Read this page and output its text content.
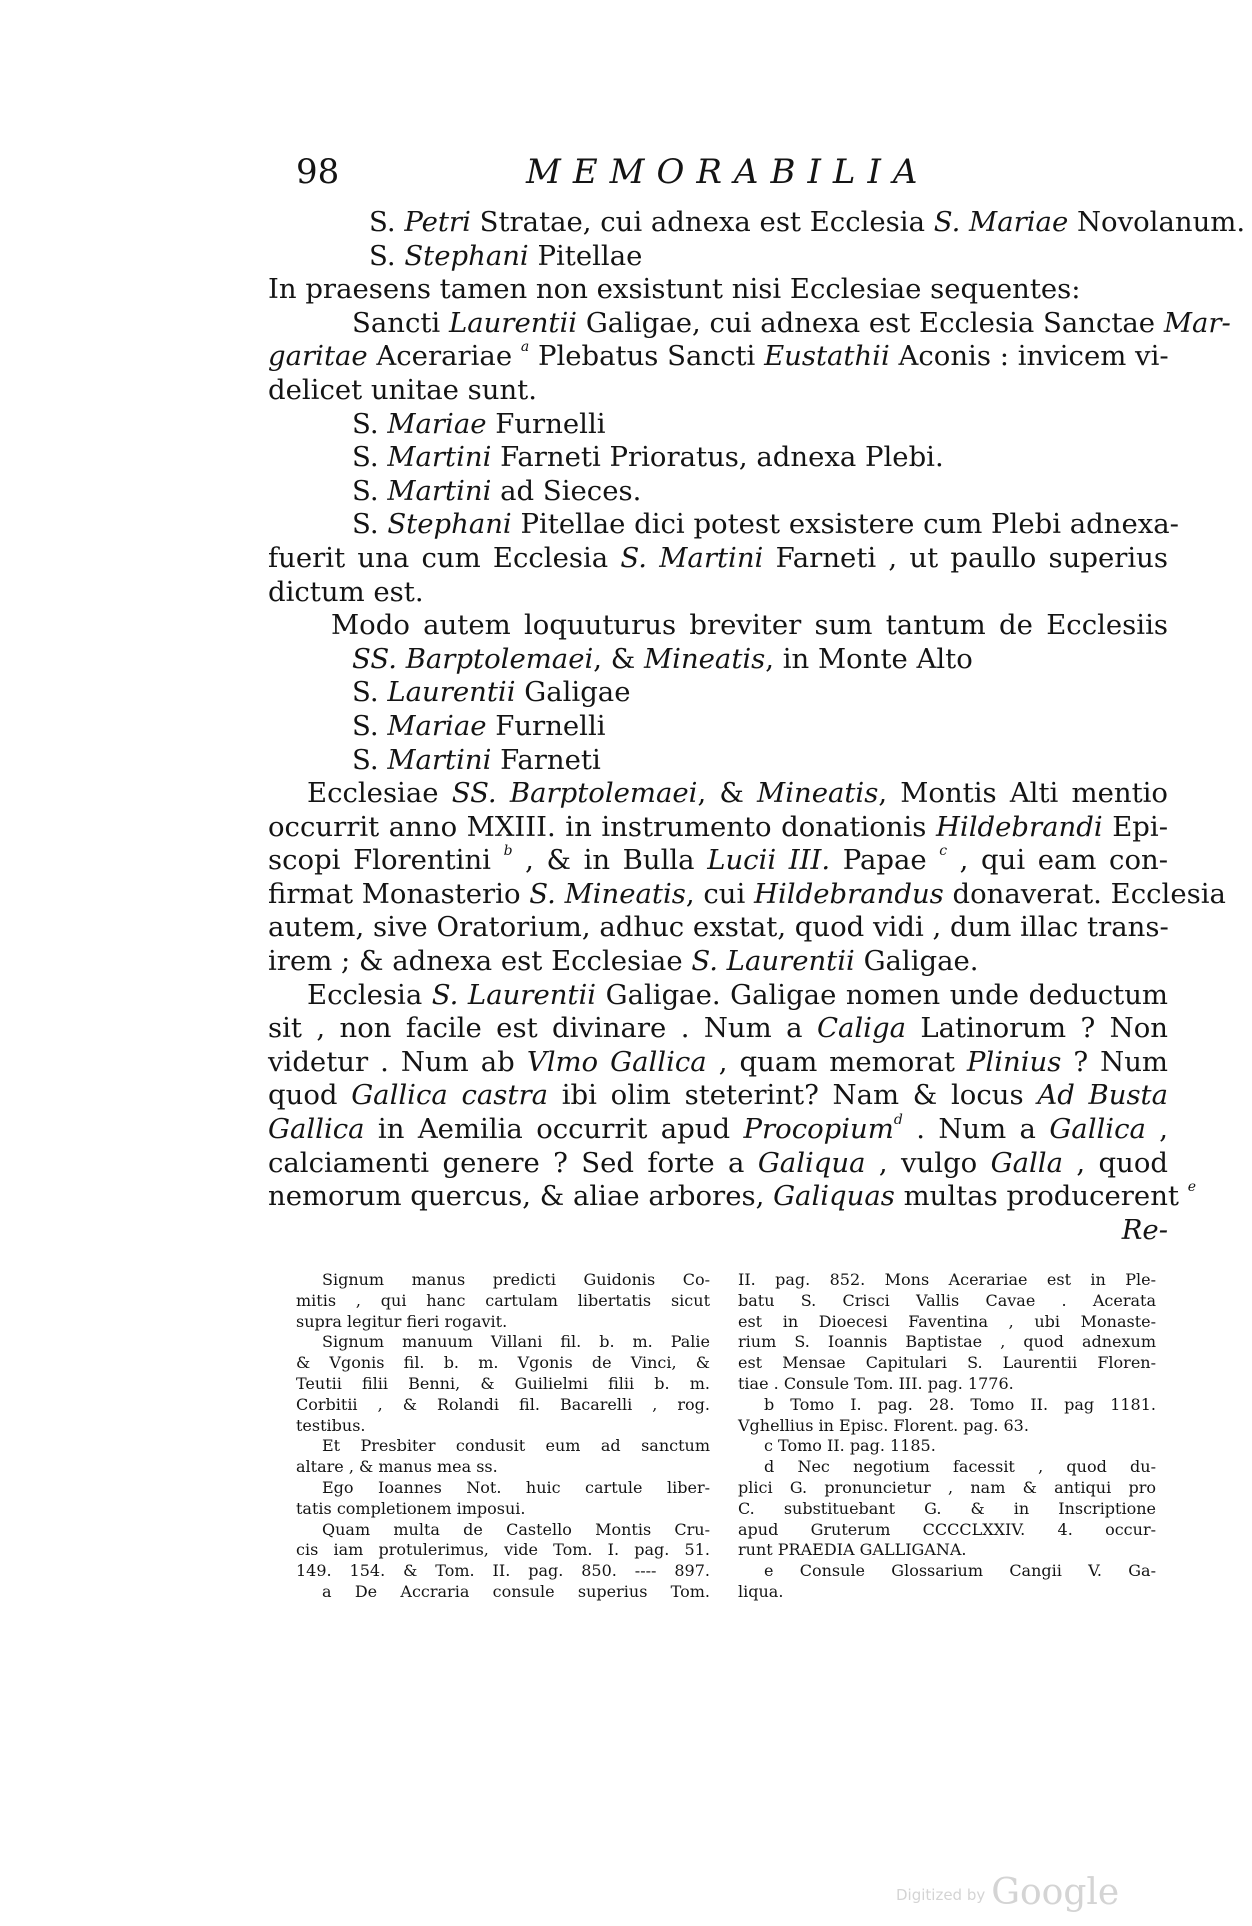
98	MEMORABILIA
S. Petri Stratae, cui adnexa est Ecclesia S. Mariae Novolanum.
S. Stephani Pitellae
In praesens tamen non exsistunt nisi Ecclesiae sequentes:
Sancti Laurentii Galigae, cui adnexa est Ecclesia Sanctae Mar-
garitae Acerariae $^a$ Plebatus Sancti Eustathii Aconis : invicem vi-
delicet unitae sunt.
S. Mariae Furnelli
S. Martini Farneti Prioratus, adnexa Plebi.
S. Martini ad Sieces.
S. Stephani Pitellae dici potest exsistere cum Plebi adnexa-
fuerit una cum Ecclesia S. Martini Farneti , ut paullo superius
dictum est.
Modo autem loquuturus breviter sum tantum de Ecclesiis
SS. Barptolemaei, & Mineatis, in Monte Alto
S. Laurentii Galigae
S. Mariae Furnelli
S. Martini Farneti
Ecclesiae SS. Barptolemaei, & Mineatis, Montis Alti mentio
occurrit anno MXIII. in instrumento donationis Hildebrandi Epi-
scopi Florentini $^b$ , & in Bulla Lucii III. Papae $^c$ , qui eam con-
firmat Monasterio S. Mineatis, cui Hildebrandus donaverat. Ecclesia
autem, sive Oratorium, adhuc exstat, quod vidi , dum illac trans-
irem ; & adnexa est Ecclesiae S. Laurentii Galigae.
Ecclesia S. Laurentii Galigae. Galigae nomen unde deductum
sit , non facile est divinare . Num a Caliga Latinorum ? Non
videtur . Num ab Vlmo Gallica , quam memorat Plinius ? Num
quod Gallica castra ibi olim steterint? Nam & locus Ad Busta
Gallica in Aemilia occurrit apud Procopium$^d$ . Num a Gallica ,
calciamenti genere ? Sed forte a Galiqua , vulgo Galla , quod
nemorum quercus, & aliae arbores, Galiquas multas producerent $^e$
Re-
Signum manus predicti Guidonis Co-
mitis , qui hanc cartulam libertatis sicut
supra legitur fieri rogavit.
Signum manuum Villani fil. b. m. Palie
& Vgonis fil. b. m. Vgonis de Vinci, &
Teutii filii Benni, & Guilielmi filii b. m.
Corbitii , & Rolandi fil. Bacarelli , rog.
testibus.
Et Presbiter condusit eum ad sanctum
altare , & manus mea ss.
Ego Ioannes Not. huic cartule liber-
tatis completionem imposui.
Quam multa de Castello Montis Cru-
cis iam protulerimus, vide Tom. I. pag. 51.
149. 154. & Tom. II. pag. 850. ---- 897.
a De Accraria consule superius Tom.
II. pag. 852. Mons Acerariae est in Ple-
batu S. Crisci Vallis Cavae . Acerata
est in Dioecesi Faventina , ubi Monaste-
rium S. Ioannis Baptistae , quod adnexum
est Mensae Capitulari S. Laurentii Floren-
tiae . Consule Tom. III. pag. 1776.
b Tomo I. pag. 28. Tomo II. pag 1181.
Vghellius in Episc. Florent. pag. 63.
c Tomo II. pag. 1185.
d Nec negotium facessit , quod du-
plici G. pronuncietur , nam & antiqui pro
C. substituebant G. & in Inscriptione
apud Gruterum CCCCLXXIV. 4. occur-
runt PRAEDIA GALLIGANA.
e Consule Glossarium Cangii V. Ga-
liqua.
Digitized by Google
